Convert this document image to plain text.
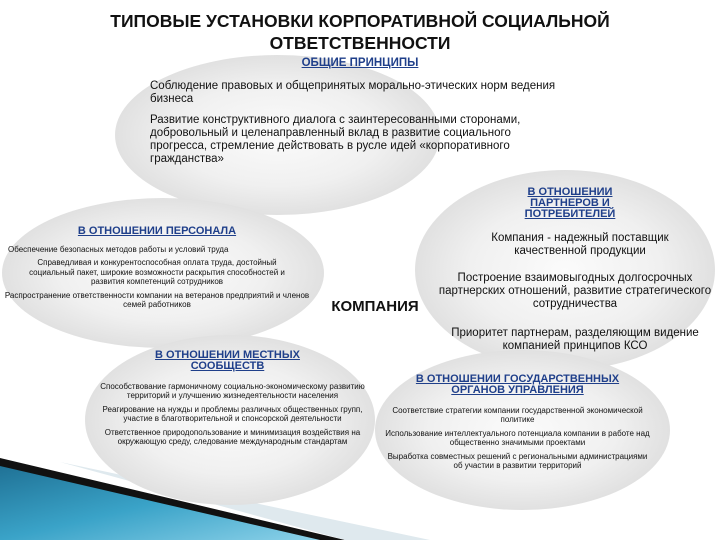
ТИПОВЫЕ УСТАНОВКИ КОРПОРАТИВНОЙ СОЦИАЛЬНОЙ ОТВЕТСТВЕННОСТИ
ОБЩИЕ ПРИНЦИПЫ
Соблюдение правовых и общепринятых морально-этических норм ведения бизнеса
Развитие конструктивного диалога с заинтересованными сторонами, добровольный и целенаправленный вклад в развитие социального прогресса, стремление действовать в русле идей «корпоративного гражданства»
В ОТНОШЕНИИ ПАРТНЕРОВ И ПОТРЕБИТЕЛЕЙ
Компания - надежный поставщик качественной продукции
Построение взаимовыгодных долгосрочных партнерских отношений, развитие стратегического сотрудничества
Приоритет партнерам, разделяющим видение компанией принципов КСО
В ОТНОШЕНИИ ПЕРСОНАЛА
Обеспечение безопасных методов работы и условий труда
Справедливая и конкурентоспособная оплата труда, достойный социальный пакет, широкие возможности раскрытия способностей и развития компетенций сотрудников
Распространение ответственности компании на ветеранов предприятий и членов семей работников	КОМПАНИЯ
В ОТНОШЕНИИ МЕСТНЫХ СООБЩЕСТВ
Способствование гармоничному социально-экономическому развитию территорий и улучшению жизнедеятельности населения
Реагирование на нужды и проблемы различных общественных групп, участие в благотворительной и спонсорской деятельности
Ответственное природопользование и минимизация воздействия на окружающую среду, следование международным стандартам
В ОТНОШЕНИИ ГОСУДАРСТВЕННЫХ ОРГАНОВ УПРАВЛЕНИЯ
Соответствие стратегии компании государственной экономической политике
Использование интеллектуального потенциала компании в работе над общественно значимыми проектами
Выработка совместных решений с региональными администрациями об участии в развитии территорий
